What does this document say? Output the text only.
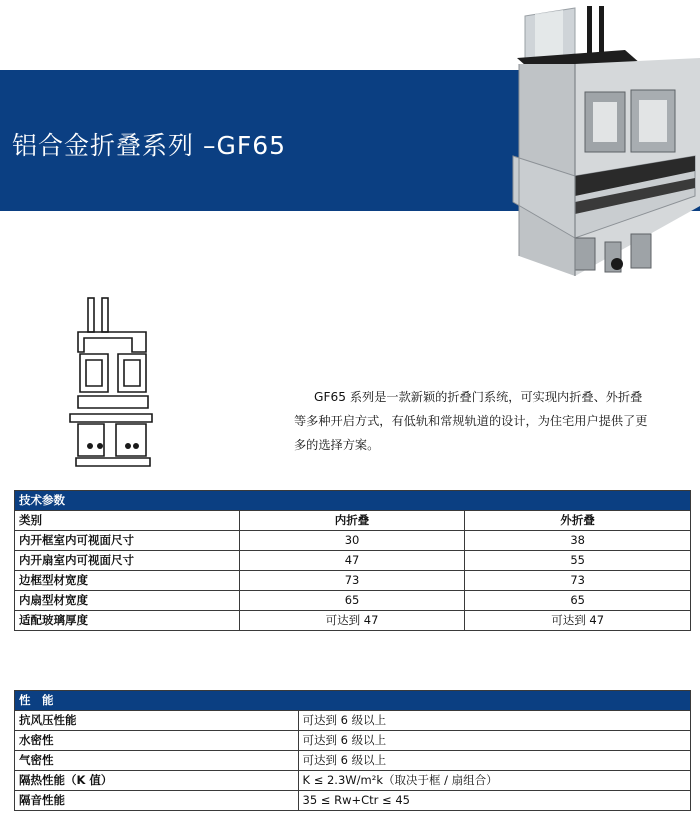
铝合金折叠系列 –GF65
GF65 系列是一款新颖的折叠门系统，可实现内折叠、外折叠等多种开启方式，有低轨和常规轨道的设计，为住宅用户提供了更多的选择方案。
技术参数		
类别	内折叠	外折叠
内开框室内可视面尺寸	30	38
内开扇室内可视面尺寸	47	55
边框型材宽度	73	73
内扇型材宽度	65	65
适配玻璃厚度	可达到 47	可达到 47
性　能	
抗风压性能	可达到 6 级以上
水密性	可达到 6 级以上
气密性	可达到 6 级以上
隔热性能（K 值）	K ≤ 2.3W/m²k（取决于框 / 扇组合）
隔音性能	35 ≤ Rw+Ctr ≤ 45
